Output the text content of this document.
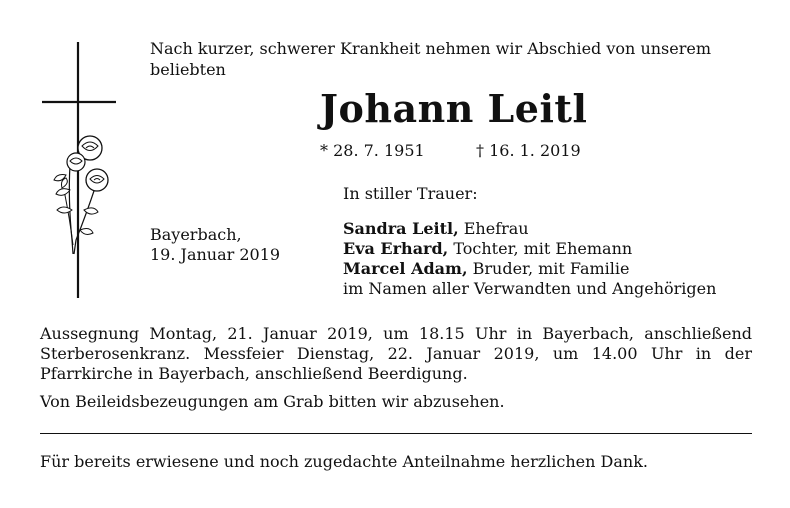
Nach kurzer, schwerer Krankheit nehmen wir Abschied von unserem beliebten
Johann Leitl
* 28. 7. 1951	† 16. 1. 2019
Bayerbach,
19. Januar 2019
In stiller Trauer:
Sandra Leitl, Ehefrau
Eva Erhard, Tochter, mit Ehemann
Marcel Adam, Bruder, mit Familie
im Namen aller Verwandten und Angehörigen

Aussegnung Montag, 21. Januar 2019, um 18.15 Uhr in Bayerbach, anschließend Sterberosenkranz. Messfeier Dienstag, 22. Januar 2019, um 14.00 Uhr in der Pfarrkirche in Bayerbach, anschließend Beerdigung.

Von Beileidsbezeugungen am Grab bitten wir abzusehen.

Für bereits erwiesene und noch zugedachte Anteilnahme herzlichen Dank.
